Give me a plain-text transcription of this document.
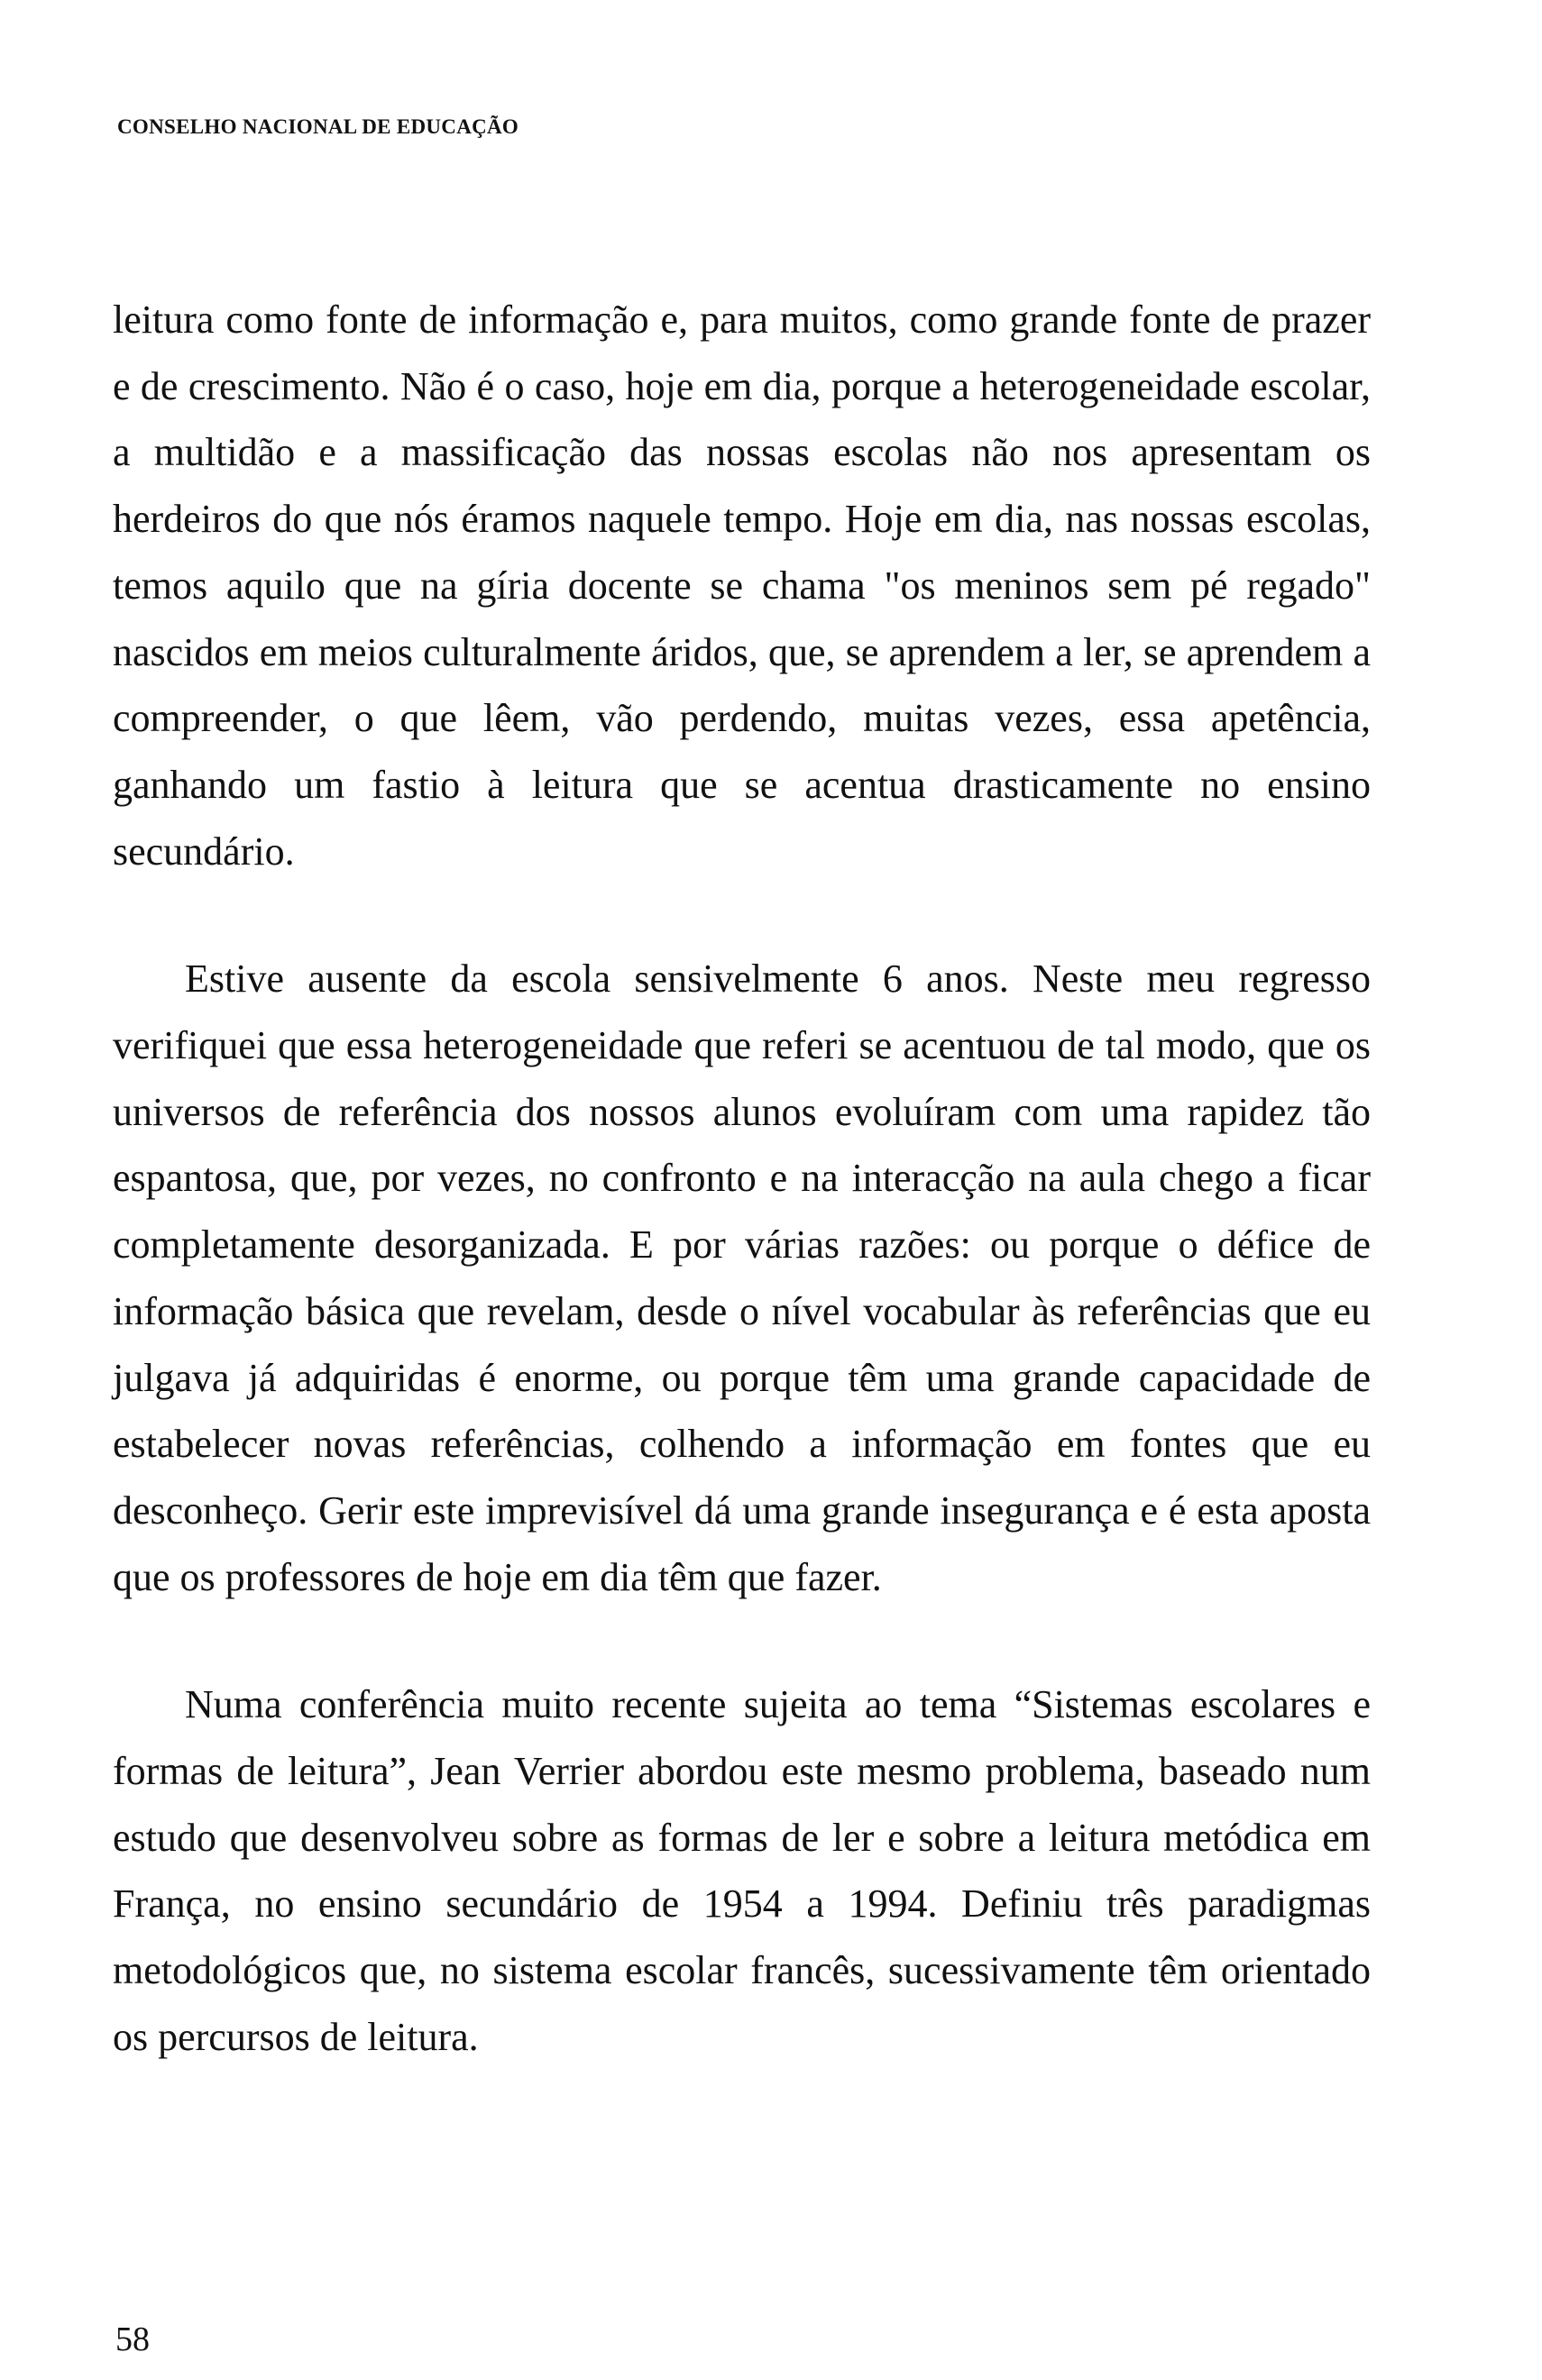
CONSELHO NACIONAL DE EDUCAÇÃO

leitura como fonte de informação e, para muitos, como grande fonte de prazer e de crescimento. Não é o caso, hoje em dia, porque a heterogeneidade escolar, a multidão e a massificação das nossas escolas não nos apresentam os herdeiros do que nós éramos naquele tempo. Hoje em dia, nas nossas escolas, temos aquilo que na gíria docente se chama "os meninos sem pé regado" nascidos em meios culturalmente áridos, que, se aprendem a ler, se aprendem a compreender, o que lêem, vão perdendo, muitas vezes, essa apetência, ganhando um fastio à leitura que se acentua drasticamente no ensino secundário.

Estive ausente da escola sensivelmente 6 anos. Neste meu regresso verifiquei que essa heterogeneidade que referi se acentuou de tal modo, que os universos de referência dos nossos alunos evoluíram com uma rapidez tão espantosa, que, por vezes, no confronto e na interacção na aula chego a ficar completamente desorganizada. E por várias razões: ou porque o défice de informação básica que revelam, desde o nível vocabular às referências que eu julgava já adquiridas é enorme, ou porque têm uma grande capacidade de estabelecer novas referências, colhendo a informação em fontes que eu desconheço. Gerir este imprevisível dá uma grande insegurança e é esta aposta que os professores de hoje em dia têm que fazer.

Numa conferência muito recente sujeita ao tema “Sistemas escolares e formas de leitura”, Jean Verrier abordou este mesmo problema, baseado num estudo que desenvolveu sobre as formas de ler e sobre a leitura metódica em França, no ensino secundário de 1954 a 1994. Definiu três paradigmas metodológicos que, no sistema escolar francês, sucessivamente têm orientado os percursos de leitura.

58
